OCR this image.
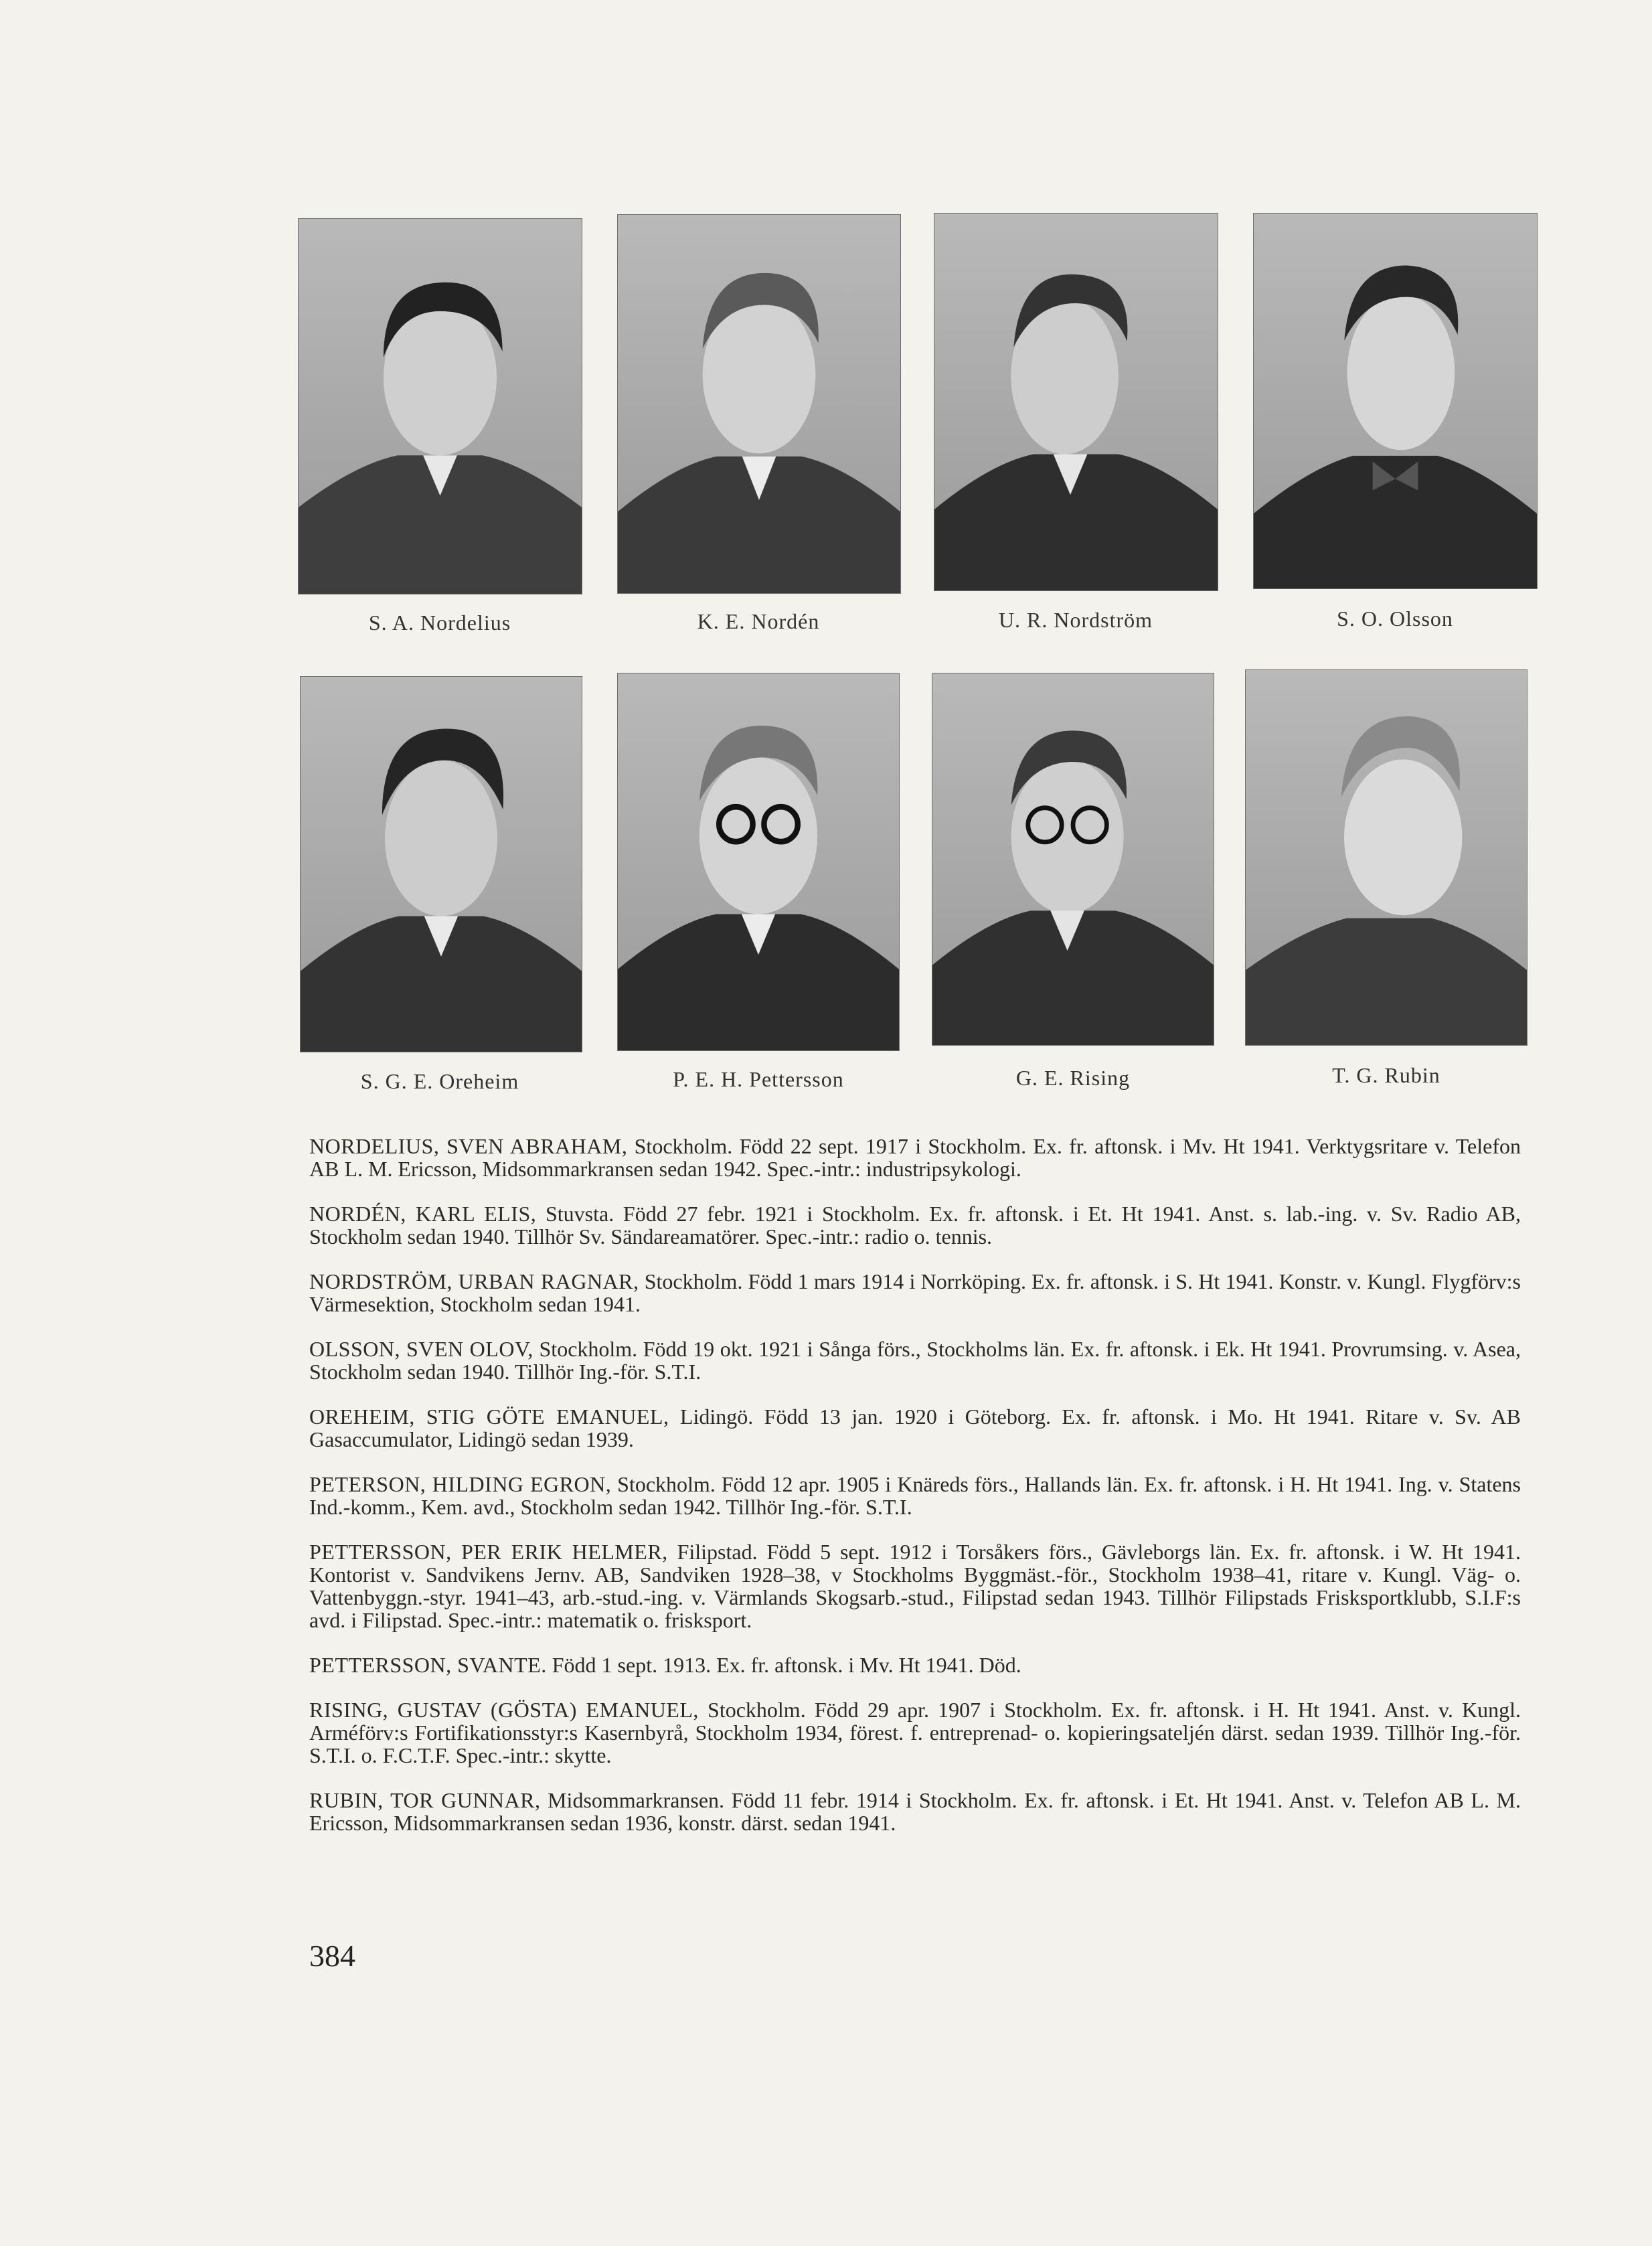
S. A. Nordelius	K. E. Nordén	U. R. Nordström	S. O. Olsson
S. G. E. Oreheim	P. E. H. Pettersson	G. E. Rising	T. G. Rubin

NORDELIUS, SVEN ABRAHAM, Stockholm. Född 22 sept. 1917 i Stockholm. Ex. fr. aftonsk. i Mv. Ht 1941. Verktygsritare v. Telefon AB L. M. Ericsson, Midsommarkransen sedan 1942. Spec.-intr.: industripsykologi.

NORDÉN, KARL ELIS, Stuvsta. Född 27 febr. 1921 i Stockholm. Ex. fr. aftonsk. i Et. Ht 1941. Anst. s. lab.-ing. v. Sv. Radio AB, Stockholm sedan 1940. Tillhör Sv. Sändareamatörer. Spec.-intr.: radio o. tennis.

NORDSTRÖM, URBAN RAGNAR, Stockholm. Född 1 mars 1914 i Norrköping. Ex. fr. aftonsk. i S. Ht 1941. Konstr. v. Kungl. Flygförv:s Värmesektion, Stockholm sedan 1941.

OLSSON, SVEN OLOV, Stockholm. Född 19 okt. 1921 i Sånga förs., Stockholms län. Ex. fr. aftonsk. i Ek. Ht 1941. Provrumsing. v. Asea, Stockholm sedan 1940. Tillhör Ing.-för. S.T.I.

OREHEIM, STIG GÖTE EMANUEL, Lidingö. Född 13 jan. 1920 i Göteborg. Ex. fr. aftonsk. i Mo. Ht 1941. Ritare v. Sv. AB Gasaccumulator, Lidingö sedan 1939.

PETERSON, HILDING EGRON, Stockholm. Född 12 apr. 1905 i Knäreds förs., Hallands län. Ex. fr. aftonsk. i H. Ht 1941. Ing. v. Statens Ind.-komm., Kem. avd., Stockholm sedan 1942. Tillhör Ing.-för. S.T.I.

PETTERSSON, PER ERIK HELMER, Filipstad. Född 5 sept. 1912 i Torsåkers förs., Gävleborgs län. Ex. fr. aftonsk. i W. Ht 1941. Kontorist v. Sandvikens Jernv. AB, Sandviken 1928–38, v Stockholms Byggmäst.-för., Stockholm 1938–41, ritare v. Kungl. Väg- o. Vattenbyggn.-styr. 1941–43, arb.-stud.-ing. v. Värmlands Skogsarb.-stud., Filipstad sedan 1943. Tillhör Filipstads Frisksportklubb, S.I.F:s avd. i Filipstad. Spec.-intr.: matematik o. frisksport.

PETTERSSON, SVANTE. Född 1 sept. 1913. Ex. fr. aftonsk. i Mv. Ht 1941. Död.

RISING, GUSTAV (GÖSTA) EMANUEL, Stockholm. Född 29 apr. 1907 i Stockholm. Ex. fr. aftonsk. i H. Ht 1941. Anst. v. Kungl. Arméförv:s Fortifikationsstyr:s Kasernbyrå, Stockholm 1934, förest. f. entreprenad- o. kopieringsateljén därst. sedan 1939. Tillhör Ing.-för. S.T.I. o. F.C.T.F. Spec.-intr.: skytte.

RUBIN, TOR GUNNAR, Midsommarkransen. Född 11 febr. 1914 i Stockholm. Ex. fr. aftonsk. i Et. Ht 1941. Anst. v. Telefon AB L. M. Ericsson, Midsommarkransen sedan 1936, konstr. därst. sedan 1941.

384
